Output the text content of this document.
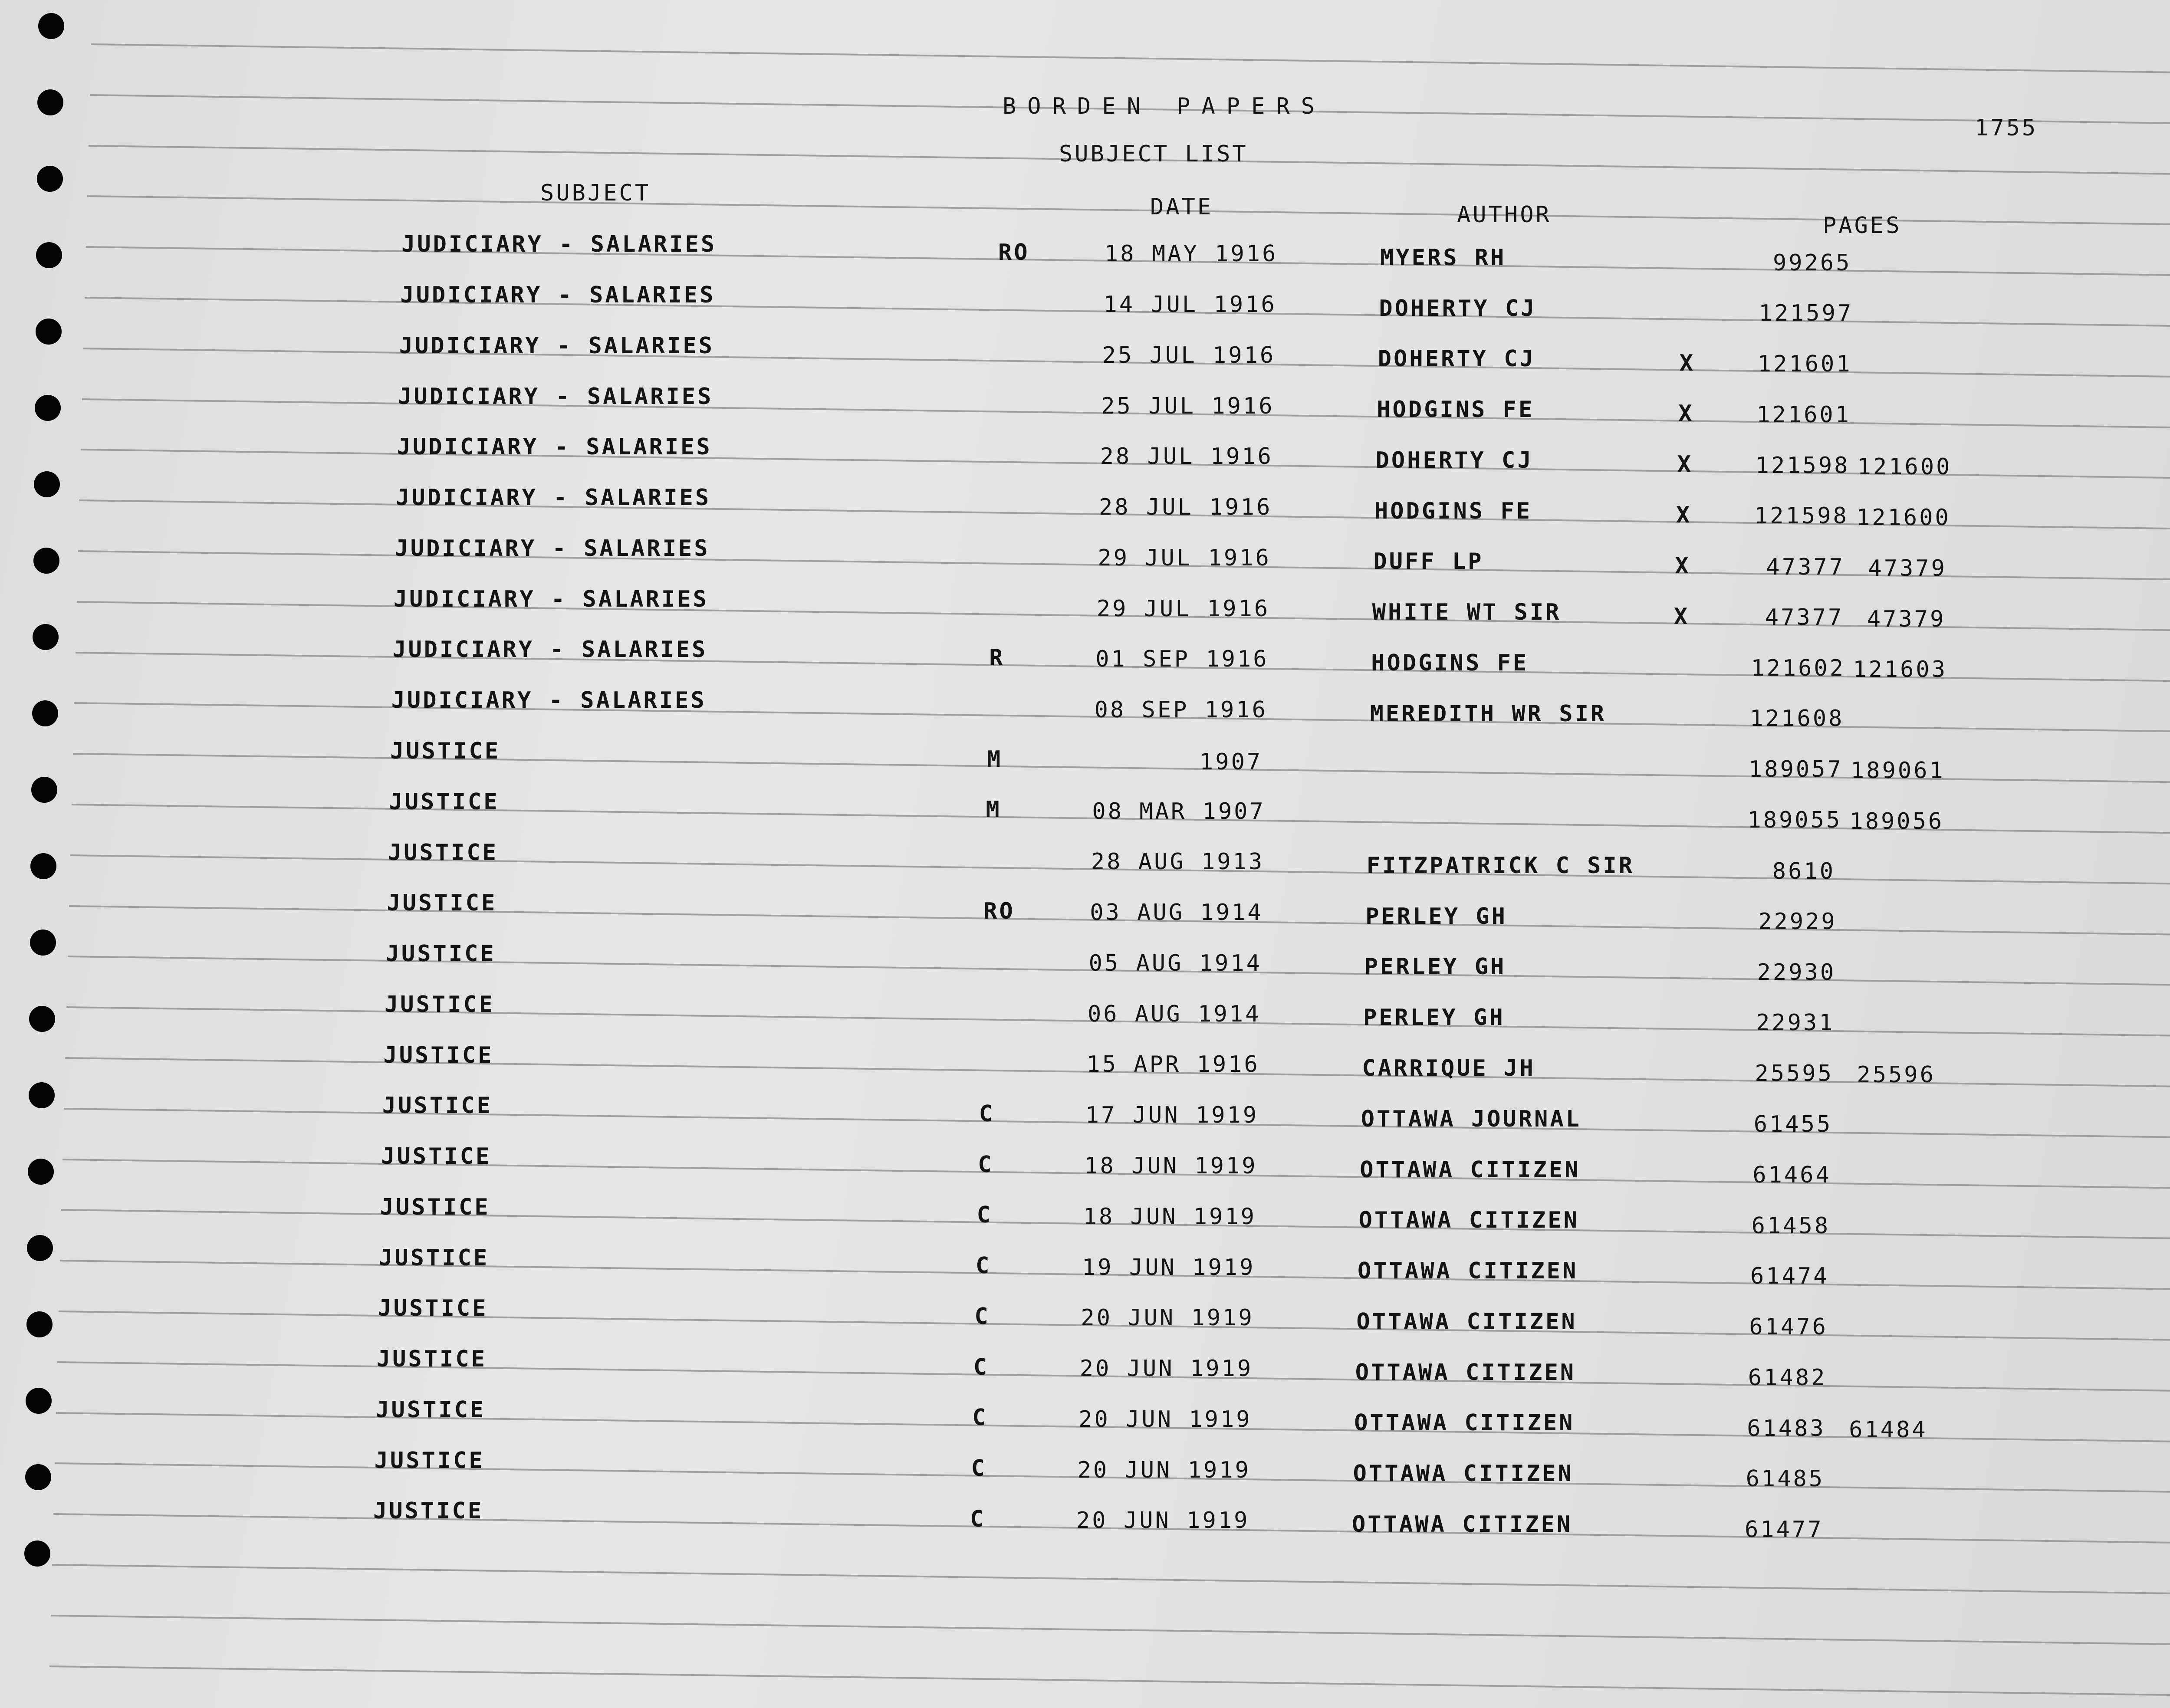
BORDEN PAPERS
SUBJECT LIST
1755
SUBJECT
DATE	AUTHOR	PAGES
JUDICIARY - SALARIES	RO	18 MAY 1916	MYERS RH	99265
JUDICIARY - SALARIES	14 JUL 1916	DOHERTY CJ	121597
JUDICIARY - SALARIES	25 JUL 1916	DOHERTY CJ	X	121601
JUDICIARY - SALARIES	25 JUL 1916	HODGINS FE	X	121601
JUDICIARY - SALARIES	28 JUL 1916	DOHERTY CJ	X	121598 121600
JUDICIARY - SALARIES	28 JUL 1916	HODGINS FE	X	121598 121600
JUDICIARY - SALARIES	29 JUL 1916	DUFF LP	X	47377 47379
JUDICIARY - SALARIES	29 JUL 1916	WHITE WT SIR	X	47377 47379
JUDICIARY - SALARIES	R	01 SEP 1916	HODGINS FE	121602 121603
JUDICIARY - SALARIES	08 SEP 1916	MEREDITH WR SIR	121608
JUSTICE	M	1907	189057 189061
JUSTICE	M	08 MAR 1907	189055 189056
JUSTICE	28 AUG 1913	FITZPATRICK C SIR	8610
JUSTICE	RO	03 AUG 1914	PERLEY GH	22929
JUSTICE	05 AUG 1914	PERLEY GH	22930
JUSTICE	06 AUG 1914	PERLEY GH	22931
JUSTICE	15 APR 1916	CARRIQUE JH	25595 25596
JUSTICE	C	17 JUN 1919	OTTAWA JOURNAL	61455
JUSTICE	C	18 JUN 1919	OTTAWA CITIZEN	61464
JUSTICE	C	18 JUN 1919	OTTAWA CITIZEN	61458
JUSTICE	C	19 JUN 1919	OTTAWA CITIZEN	61474
JUSTICE	C	20 JUN 1919	OTTAWA CITIZEN	61476
JUSTICE	C	20 JUN 1919	OTTAWA CITIZEN	61482
JUSTICE	C	20 JUN 1919	OTTAWA CITIZEN	61483 61484
JUSTICE	C	20 JUN 1919	OTTAWA CITIZEN	61485
JUSTICE	C	20 JUN 1919	OTTAWA CITIZEN	61477
